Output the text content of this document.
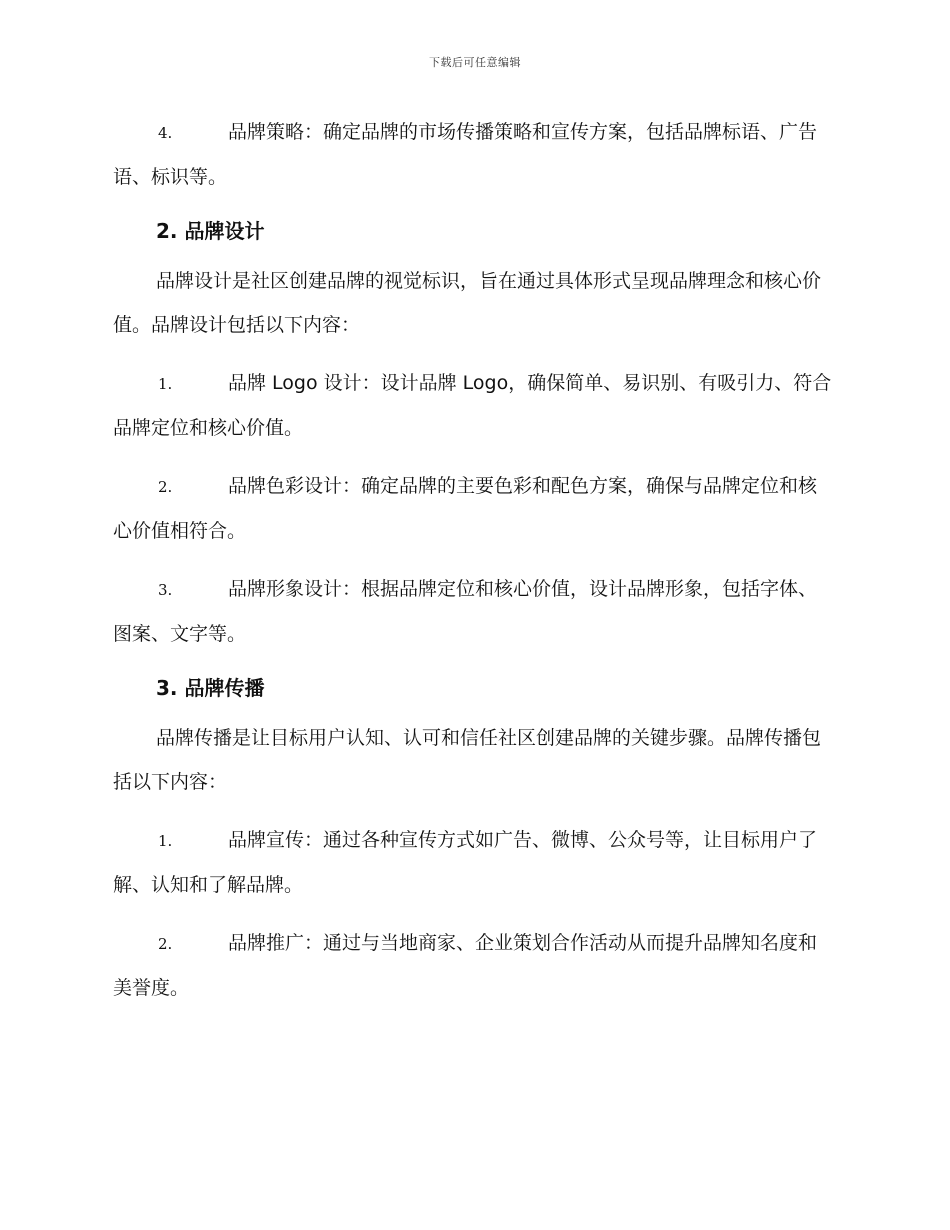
下载后可任意编辑

4.	品牌策略：确定品牌的市场传播策略和宣传方案，包括品牌标语、广告语、标识等。

2. 品牌设计

品牌设计是社区创建品牌的视觉标识，旨在通过具体形式呈现品牌理念和核心价值。品牌设计包括以下内容：

1.	品牌 Logo 设计：设计品牌 Logo，确保简单、易识别、有吸引力、符合品牌定位和核心价值。

2.	品牌色彩设计：确定品牌的主要色彩和配色方案，确保与品牌定位和核心价值相符合。

3.	品牌形象设计：根据品牌定位和核心价值，设计品牌形象，包括字体、图案、文字等。

3. 品牌传播

品牌传播是让目标用户认知、认可和信任社区创建品牌的关键步骤。品牌传播包括以下内容：

1.	品牌宣传：通过各种宣传方式如广告、微博、公众号等，让目标用户了解、认知和了解品牌。

2.	品牌推广：通过与当地商家、企业策划合作活动从而提升品牌知名度和美誉度。
